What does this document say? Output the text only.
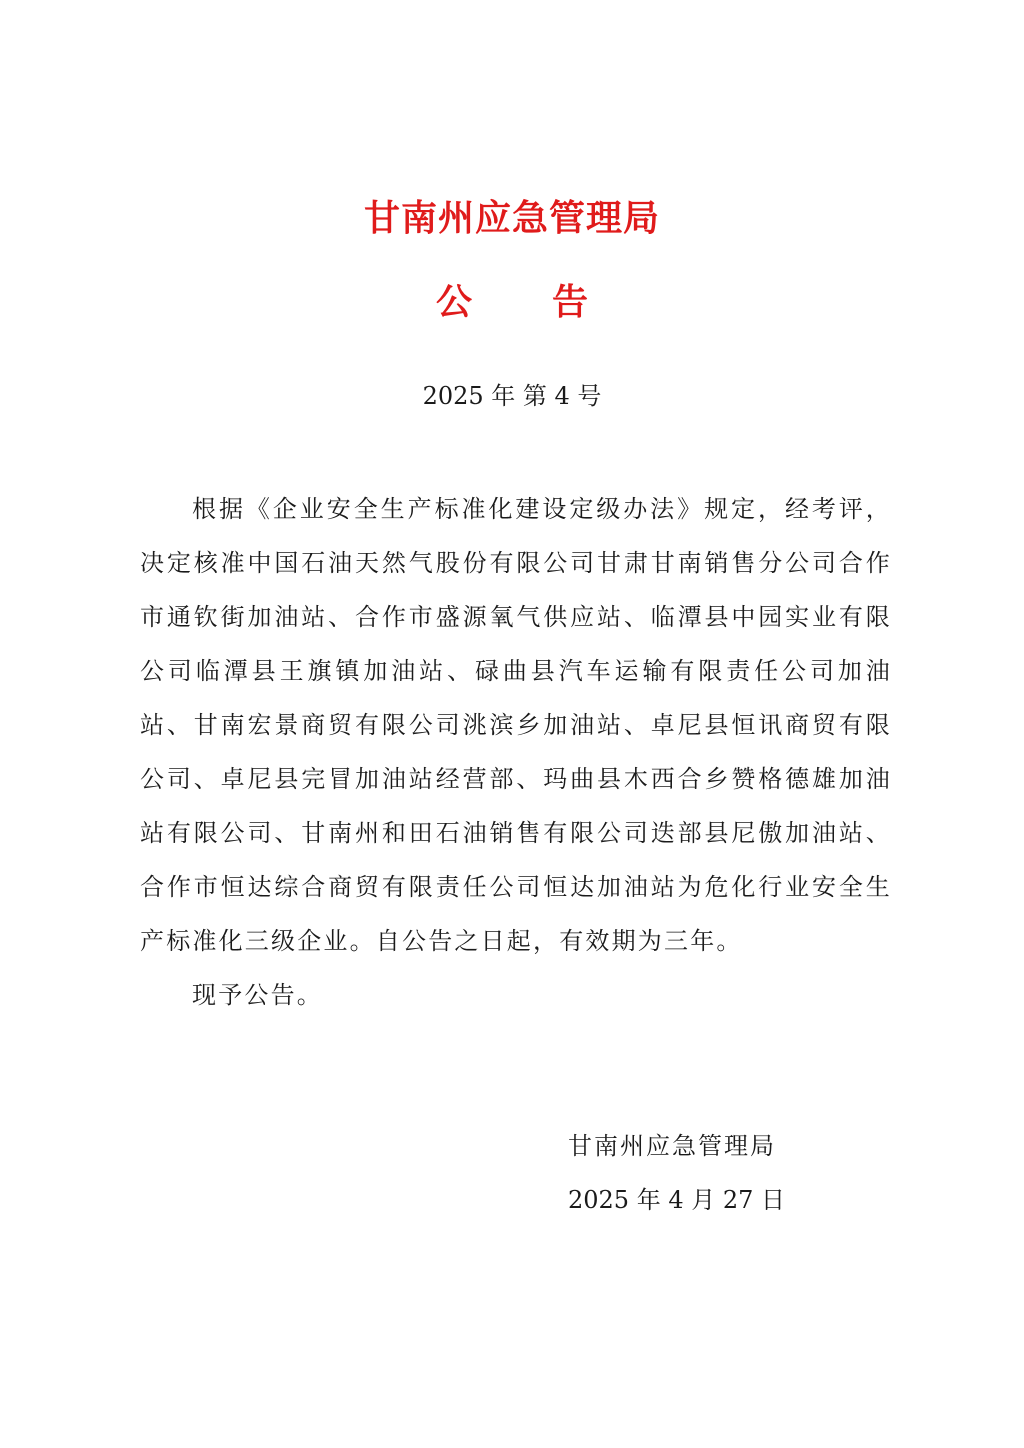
甘南州应急管理局
公 告
2025 年 第 4 号

根据《企业安全生产标准化建设定级办法》规定，经考评，决定核准中国石油天然气股份有限公司甘肃甘南销售分公司合作市通钦街加油站、合作市盛源氧气供应站、临潭县中园实业有限公司临潭县王旗镇加油站、碌曲县汽车运输有限责任公司加油站、甘南宏景商贸有限公司洮滨乡加油站、卓尼县恒讯商贸有限公司、卓尼县完冒加油站经营部、玛曲县木西合乡赞格德雄加油站有限公司、甘南州和田石油销售有限公司迭部县尼傲加油站、合作市恒达综合商贸有限责任公司恒达加油站为危化行业安全生产标准化三级企业。自公告之日起，有效期为三年。

现予公告。

甘南州应急管理局
2025 年 4 月 27 日
